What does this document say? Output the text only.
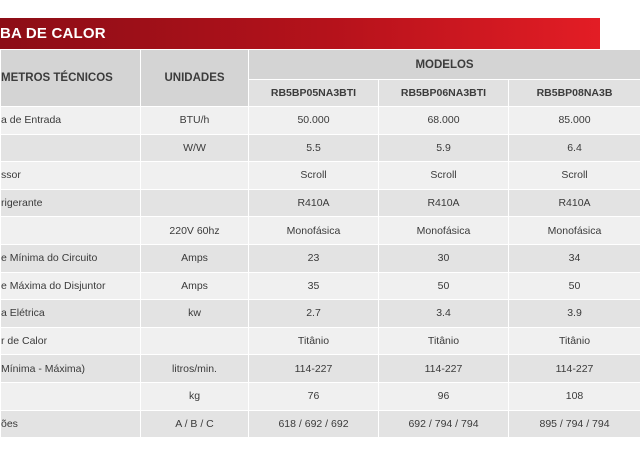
BA DE CALOR
METROS TÉCNICOS	UNIDADES	MODELOS		
		RB5BP05NA3BTI	RB5BP06NA3BTI	RB5BP08NA3B
a de Entrada	BTU/h	50.000	68.000	85.000
	W/W	5.5	5.9	6.4
ssor		Scroll	Scroll	Scroll
rigerante		R410A	R410A	R410A
	220V 60hz	Monofásica	Monofásica	Monofásica
e Mínima do Circuito	Amps	23	30	34
e Máxima do Disjuntor	Amps	35	50	50
a Elétrica	kw	2.7	3.4	3.9
r de Calor		Titânio	Titânio	Titânio
Mínima - Máxima)	litros/min.	114-227	114-227	114-227
	kg	76	96	108
ões	A / B / C	618 / 692 / 692	692 / 794 / 794	895 / 794 / 794
